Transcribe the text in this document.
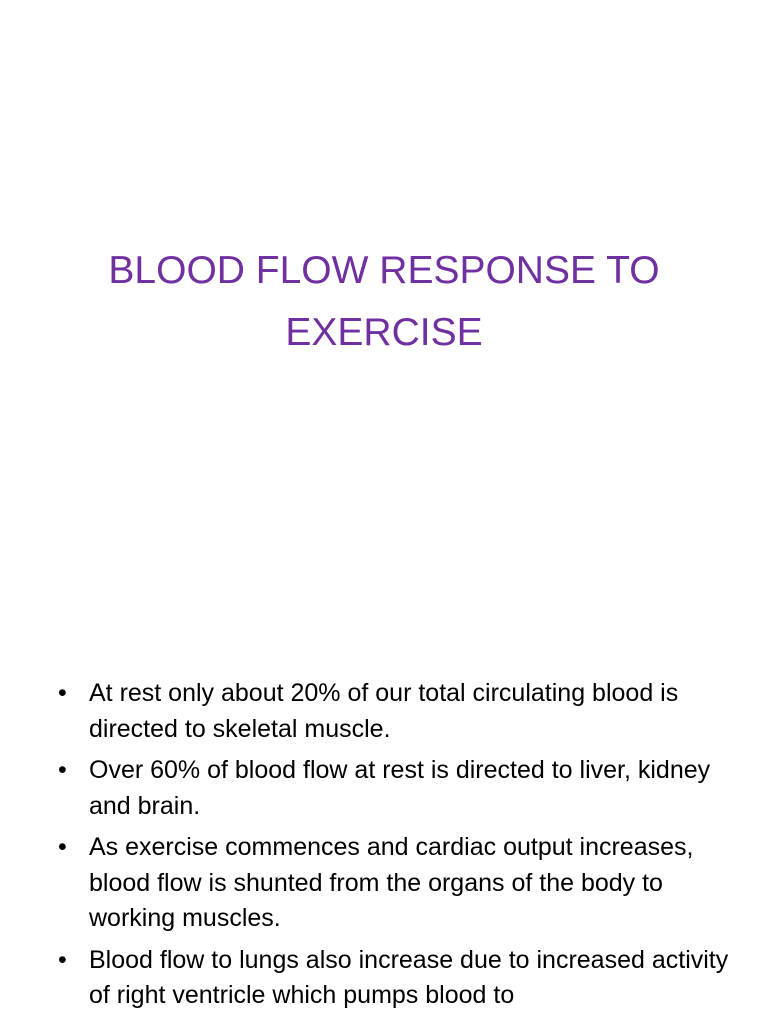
BLOOD FLOW RESPONSE TO EXERCISE
• At rest only about 20% of our total circulating blood is directed to skeletal muscle.
• Over 60% of blood flow at rest is directed to liver, kidney and brain.
• As exercise commences and cardiac output increases, blood flow is shunted from the organs of the body to working muscles.
• Blood flow to lungs also increase due to increased activity of right ventricle which pumps blood to
